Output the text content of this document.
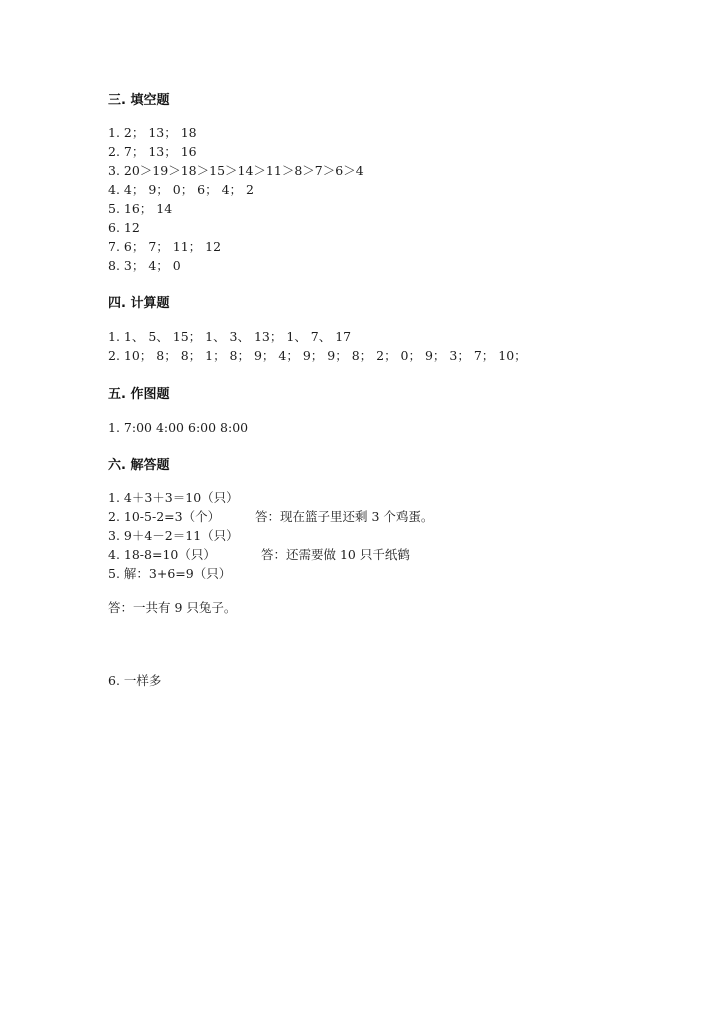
三. 填空题
1. 2； 13； 18
2. 7； 13； 16
3. 20＞19＞18＞15＞14＞11＞8＞7＞6＞4
4. 4； 9； 0； 6； 4； 2
5. 16； 14
6. 12
7. 6； 7； 11； 12
8. 3； 4； 0
四. 计算题
1. 1、 5、 15； 1、 3、 13； 1、 7、 17
2. 10； 8； 8； 1； 8； 9； 4； 9； 9； 8； 2； 0； 9； 3； 7； 10；
五. 作图题
1. 7:00 4:00 6:00 8:00
六. 解答题
1. 4＋3＋3＝10（只）
2. 10-5-2=3（个）	答：现在篮子里还剩 3 个鸡蛋。
3. 9＋4－2＝11（只）
4. 18-8=10（只）	答：还需要做 10 只千纸鹤
5. 解：3+6=9（只）
答：一共有 9 只兔子。
6. 一样多
